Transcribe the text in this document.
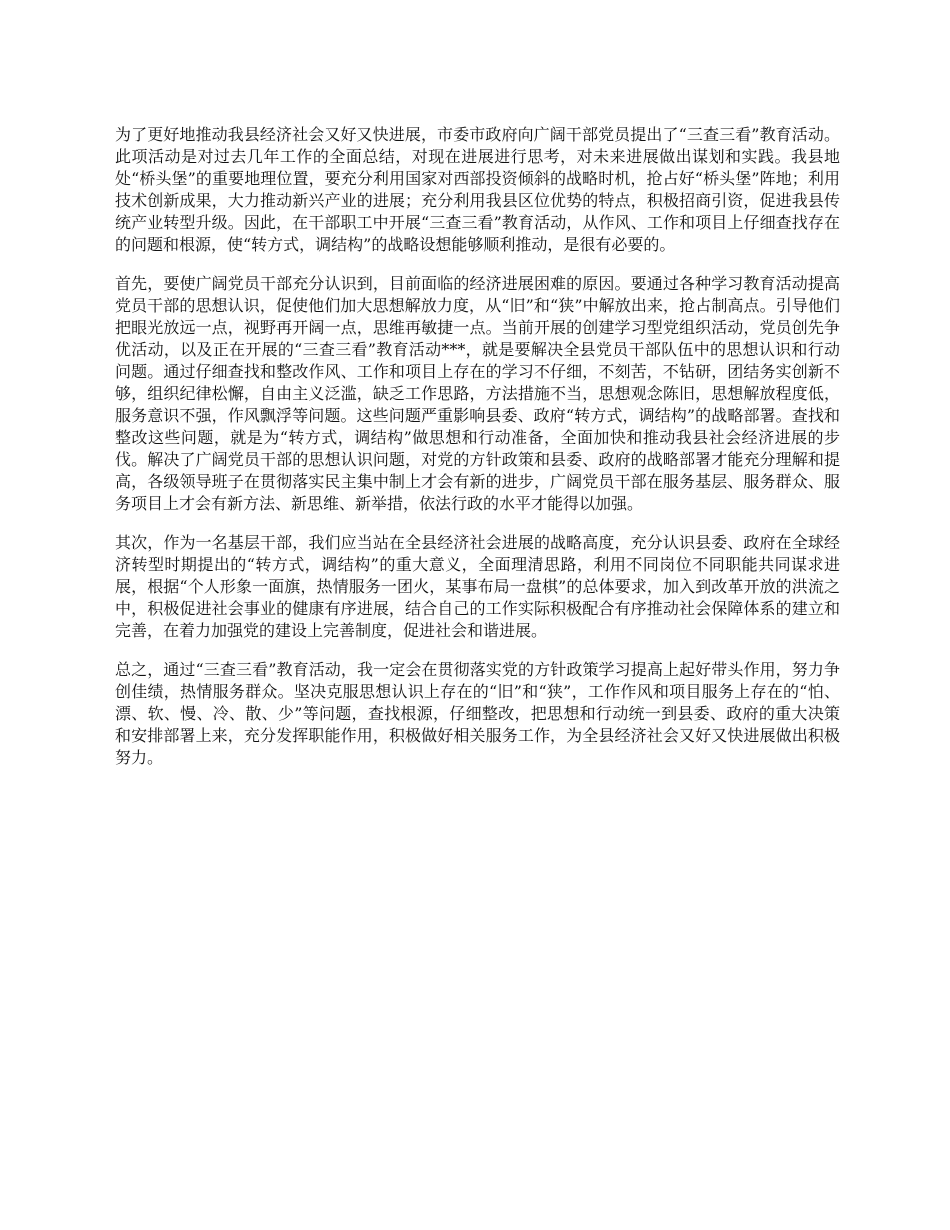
为了更好地推动我县经济社会又好又快进展，市委市政府向广阔干部党员提出了“三查三看”教育活动。此项活动是对过去几年工作的全面总结，对现在进展进行思考，对未来进展做出谋划和实践。我县地处“桥头堡”的重要地理位置，要充分利用国家对西部投资倾斜的战略时机，抢占好“桥头堡”阵地；利用技术创新成果，大力推动新兴产业的进展；充分利用我县区位优势的特点，积极招商引资，促进我县传统产业转型升级。因此，在干部职工中开展“三查三看”教育活动，从作风、工作和项目上仔细查找存在的问题和根源，使“转方式，调结构”的战略设想能够顺利推动，是很有必要的。

首先，要使广阔党员干部充分认识到，目前面临的经济进展困难的原因。要通过各种学习教育活动提高党员干部的思想认识，促使他们加大思想解放力度，从“旧”和“狭”中解放出来，抢占制高点。引导他们把眼光放远一点，视野再开阔一点，思维再敏捷一点。当前开展的创建学习型党组织活动，党员创先争优活动，以及正在开展的“三查三看”教育活动***，就是要解决全县党员干部队伍中的思想认识和行动问题。通过仔细查找和整改作风、工作和项目上存在的学习不仔细，不刻苦，不钻研，团结务实创新不够，组织纪律松懈，自由主义泛滥，缺乏工作思路，方法措施不当，思想观念陈旧，思想解放程度低，服务意识不强，作风飘浮等问题。这些问题严重影响县委、政府“转方式，调结构”的战略部署。查找和整改这些问题，就是为“转方式，调结构”做思想和行动准备，全面加快和推动我县社会经济进展的步伐。解决了广阔党员干部的思想认识问题，对党的方针政策和县委、政府的战略部署才能充分理解和提高，各级领导班子在贯彻落实民主集中制上才会有新的进步，广阔党员干部在服务基层、服务群众、服务项目上才会有新方法、新思维、新举措，依法行政的水平才能得以加强。

其次，作为一名基层干部，我们应当站在全县经济社会进展的战略高度，充分认识县委、政府在全球经济转型时期提出的“转方式，调结构”的重大意义，全面理清思路，利用不同岗位不同职能共同谋求进展，根据“个人形象一面旗，热情服务一团火，某事布局一盘棋”的总体要求，加入到改革开放的洪流之中，积极促进社会事业的健康有序进展，结合自己的工作实际积极配合有序推动社会保障体系的建立和完善，在着力加强党的建设上完善制度，促进社会和谐进展。

总之，通过“三查三看”教育活动，我一定会在贯彻落实党的方针政策学习提高上起好带头作用，努力争创佳绩，热情服务群众。坚决克服思想认识上存在的“旧”和“狭”，工作作风和项目服务上存在的“怕、漂、软、慢、冷、散、少”等问题，查找根源，仔细整改，把思想和行动统一到县委、政府的重大决策和安排部署上来，充分发挥职能作用，积极做好相关服务工作，为全县经济社会又好又快进展做出积极努力。
